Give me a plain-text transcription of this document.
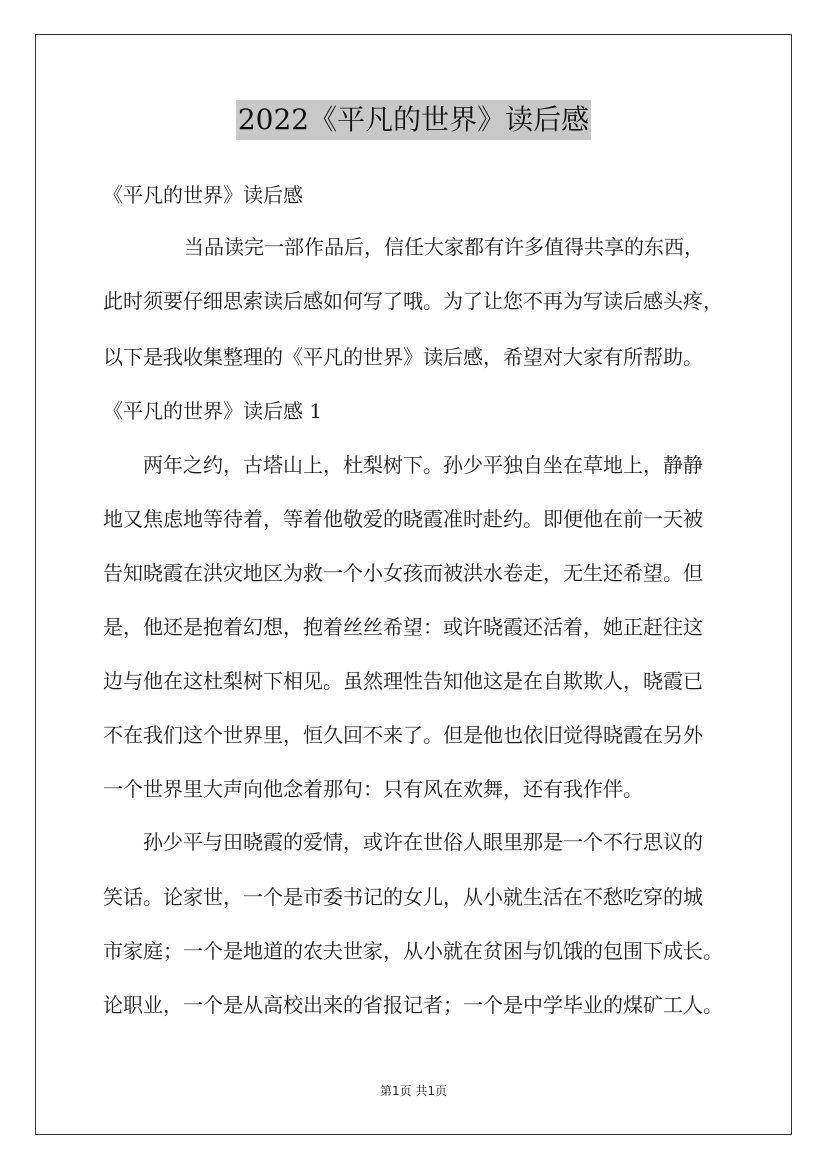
2022《平凡的世界》读后感
《平凡的世界》读后感
当品读完一部作品后，信任大家都有许多值得共享的东西，
此时须要仔细思索读后感如何写了哦。为了让您不再为写读后感头疼，
以下是我收集整理的《平凡的世界》读后感，希望对大家有所帮助。
《平凡的世界》读后感 1
两年之约，古塔山上，杜梨树下。孙少平独自坐在草地上，静静
地又焦虑地等待着，等着他敬爱的晓霞准时赴约。即便他在前一天被
告知晓霞在洪灾地区为救一个小女孩而被洪水卷走，无生还希望。但
是，他还是抱着幻想，抱着丝丝希望：或许晓霞还活着，她正赶往这
边与他在这杜梨树下相见。虽然理性告知他这是在自欺欺人，晓霞已
不在我们这个世界里，恒久回不来了。但是他也依旧觉得晓霞在另外
一个世界里大声向他念着那句：只有风在欢舞，还有我作伴。
孙少平与田晓霞的爱情，或许在世俗人眼里那是一个不行思议的
笑话。论家世，一个是市委书记的女儿，从小就生活在不愁吃穿的城
市家庭；一个是地道的农夫世家，从小就在贫困与饥饿的包围下成长。
论职业，一个是从高校出来的省报记者；一个是中学毕业的煤矿工人。
第1页 共1页
